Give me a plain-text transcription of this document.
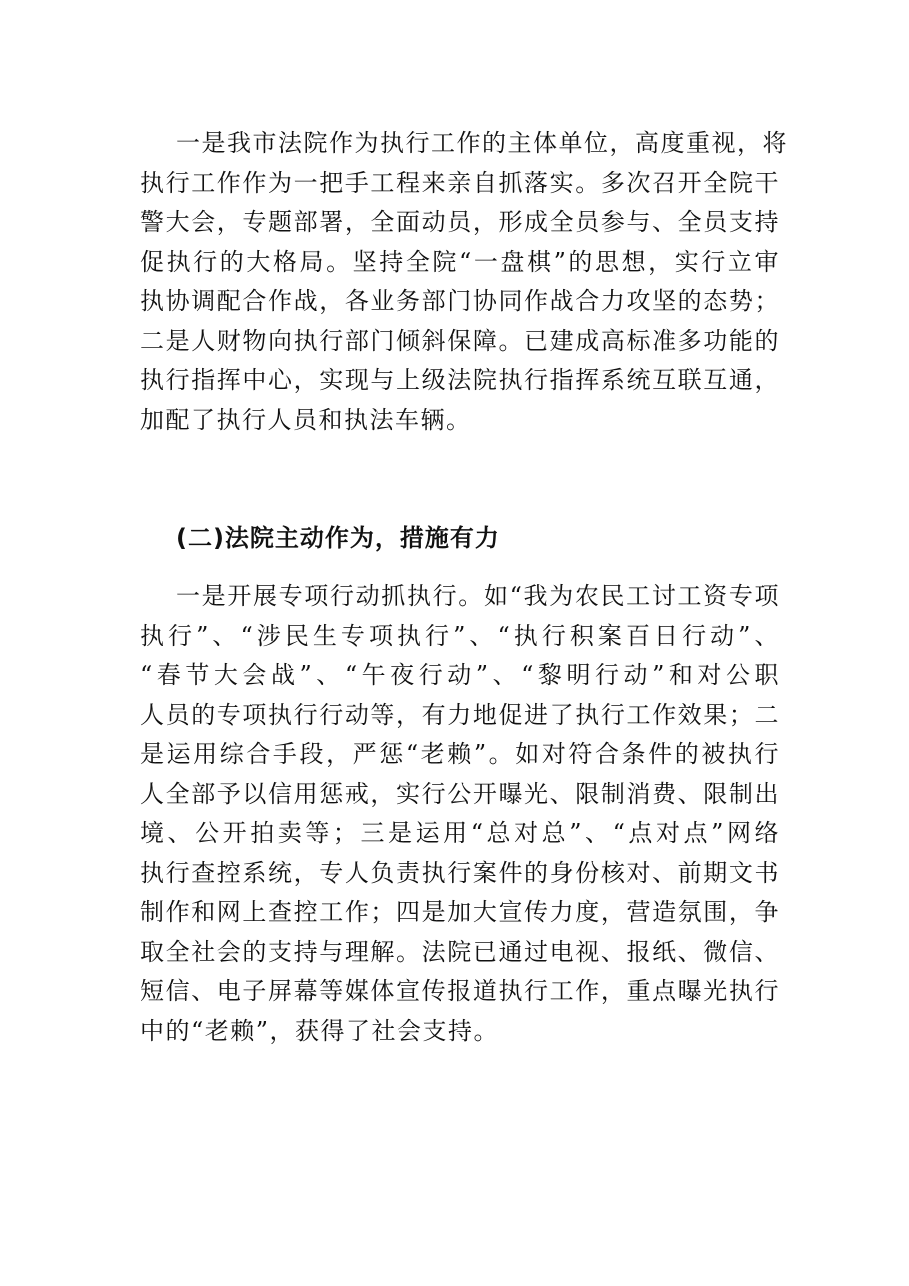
一是我市法院作为执行工作的主体单位，高度重视，将
执行工作作为一把手工程来亲自抓落实。多次召开全院干
警大会，专题部署，全面动员，形成全员参与、全员支持
促执行的大格局。坚持全院“一盘棋”的思想，实行立审
执协调配合作战，各业务部门协同作战合力攻坚的态势；
二是人财物向执行部门倾斜保障。已建成高标准多功能的
执行指挥中心，实现与上级法院执行指挥系统互联互通，
加配了执行人员和执法车辆。
(二)法院主动作为，措施有力
一是开展专项行动抓执行。如“我为农民工讨工资专项
执行”、“涉民生专项执行”、“执行积案百日行动”、
“春节大会战”、“午夜行动”、“黎明行动”和对公职
人员的专项执行行动等，有力地促进了执行工作效果；二
是运用综合手段，严惩“老赖”。如对符合条件的被执行
人全部予以信用惩戒，实行公开曝光、限制消费、限制出
境、公开拍卖等；三是运用“总对总”、“点对点”网络
执行查控系统，专人负责执行案件的身份核对、前期文书
制作和网上查控工作；四是加大宣传力度，营造氛围，争
取全社会的支持与理解。法院已通过电视、报纸、微信、
短信、电子屏幕等媒体宣传报道执行工作，重点曝光执行
中的“老赖”，获得了社会支持。
